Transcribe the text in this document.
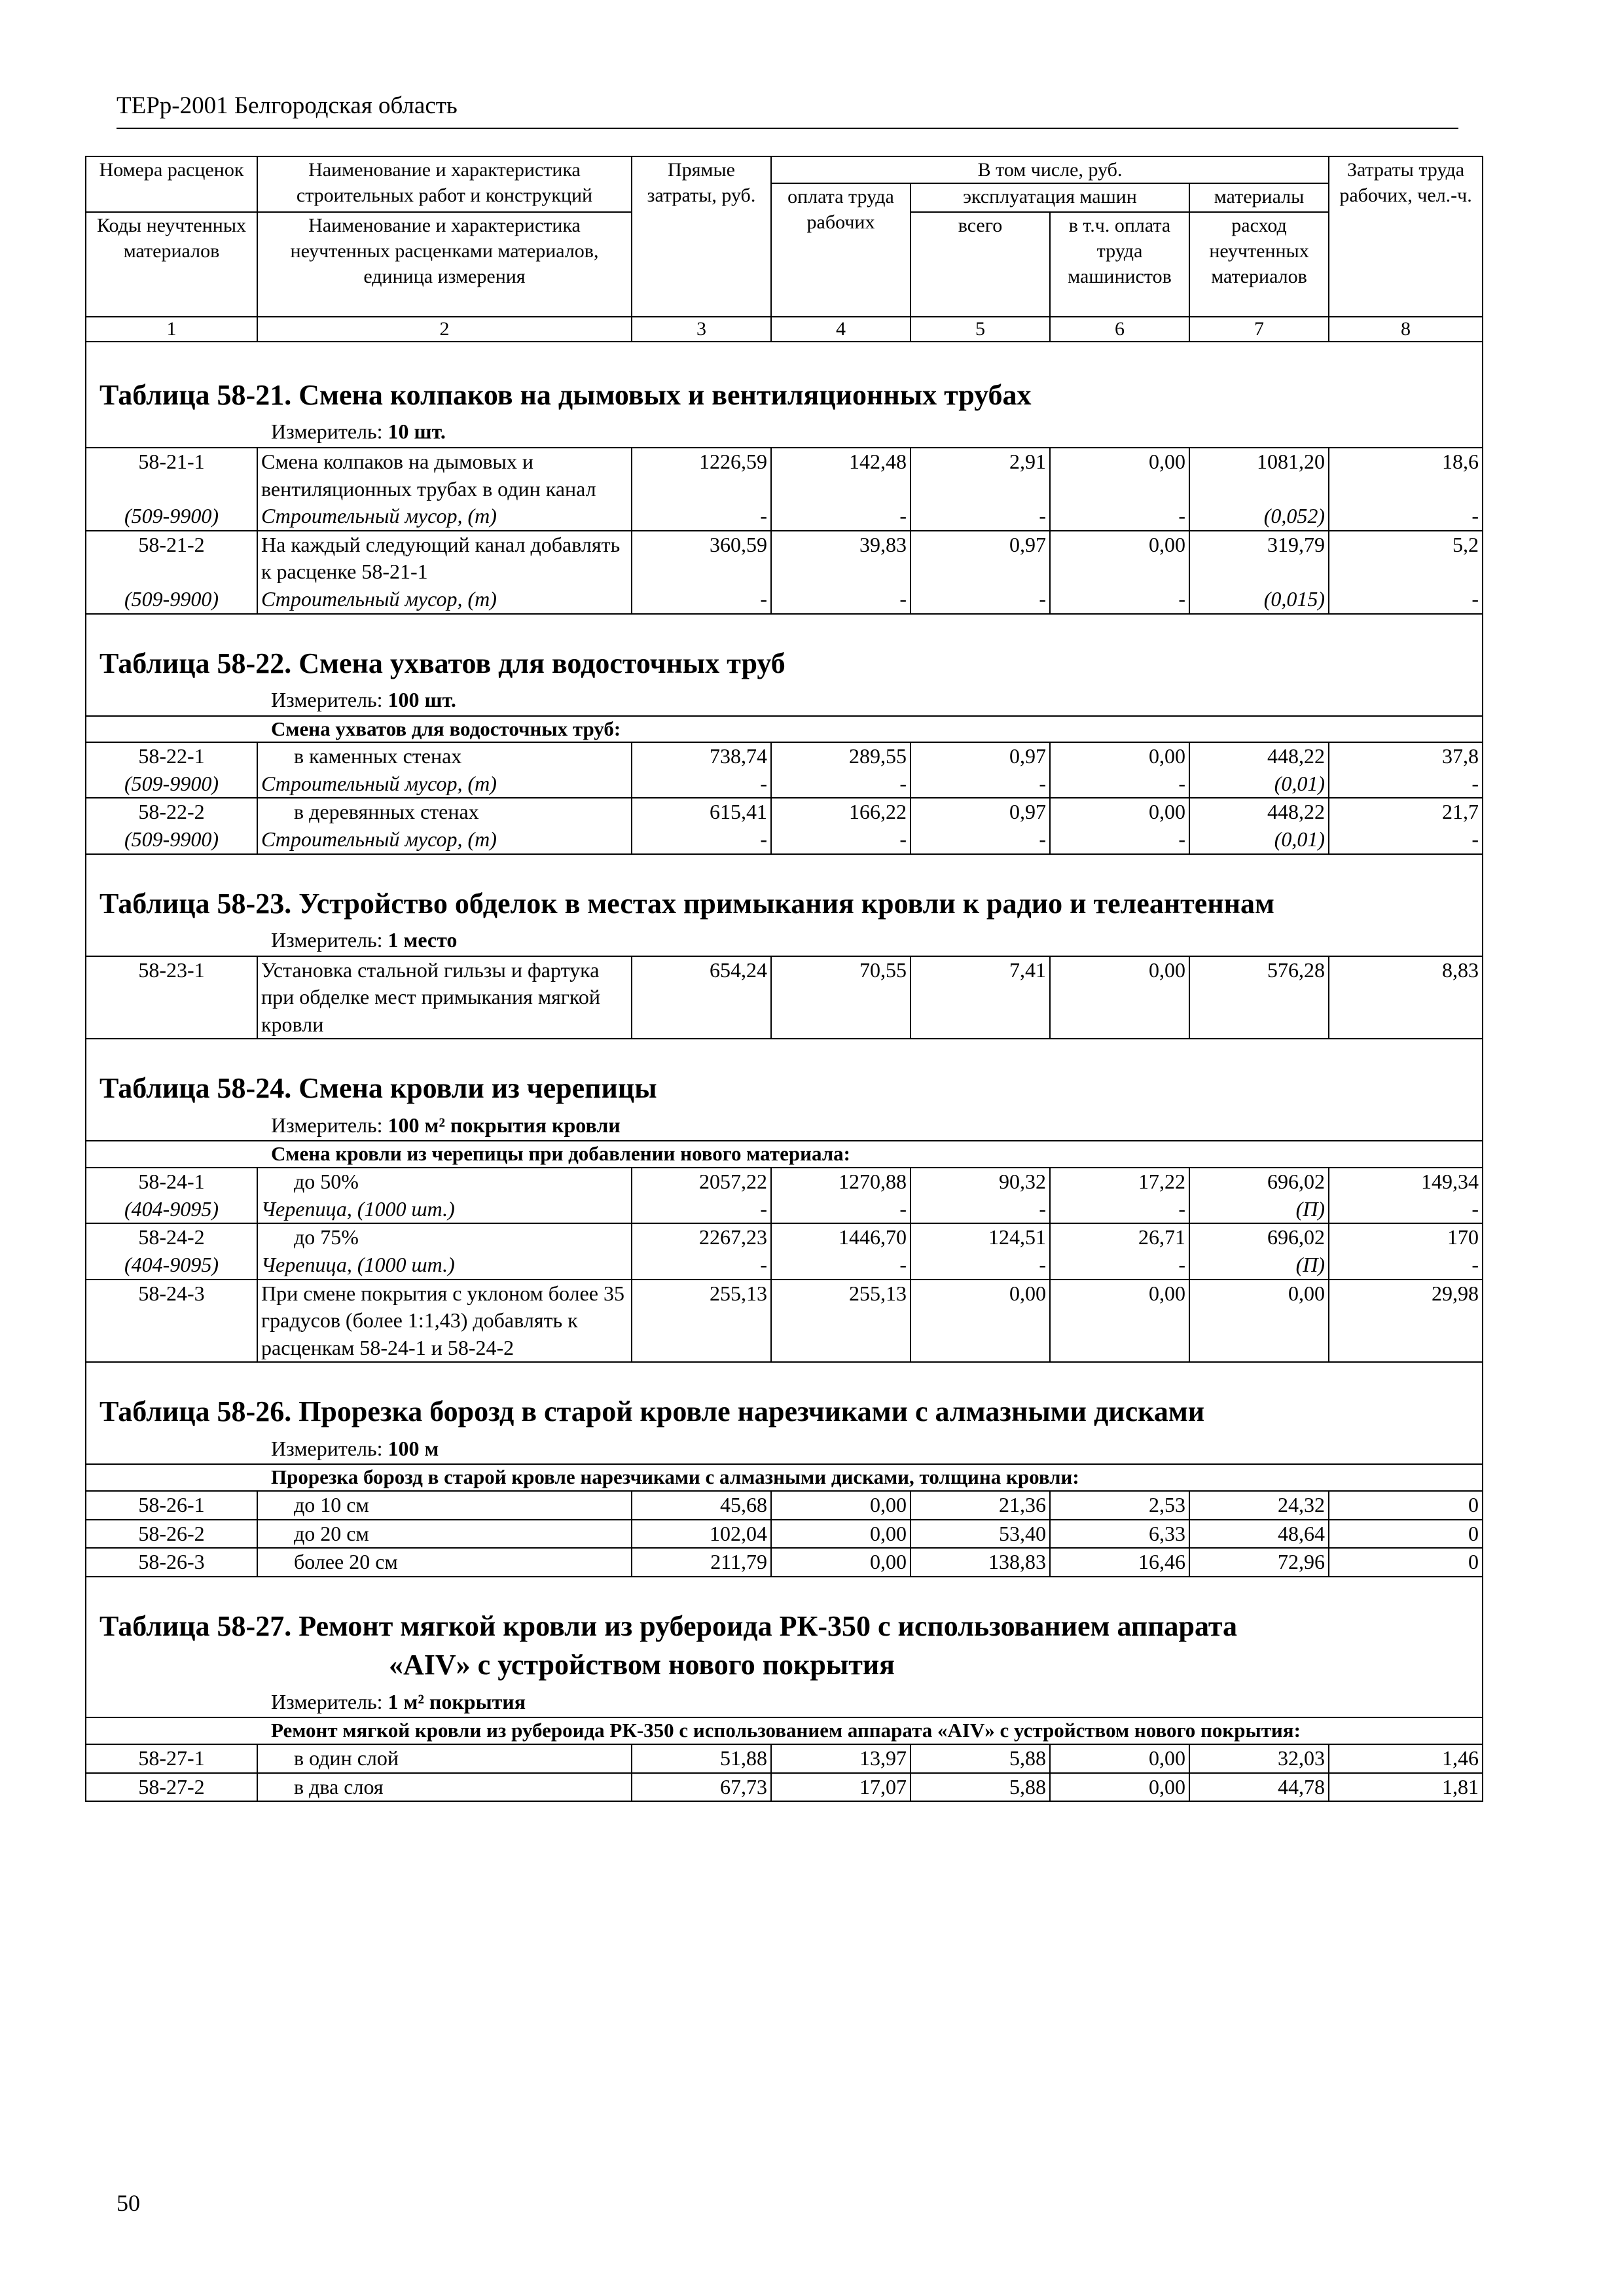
ТЕРр-2001 Белгородская область
Номера расценок	Наименование и характеристика строительных работ и конструкций	Прямые затраты, руб.	В том числе, руб.				Затраты труда рабочих, чел.-ч.
			оплата труда рабочих	эксплуатация машин		материалы	
Коды неучтенных материалов	Наименование и характеристика неучтенных расценками материалов, единица измерения			всего	в т.ч. оплата труда машинистов	расход неучтенных материалов	

1	2	3	4	5	6	7	8

Таблица 58-21. Смена колпаков на дымовых и вентиляционных трубах							
Измеритель: 10 шт.							
58-21-1	Смена колпаков на дымовых и вентиляционных трубах в один канал	1226,59	142,48	2,91	0,00	1081,20	18,6
(509-9900)	Строительный мусор, (т)	-	-	-	-	(0,052)	-
58-21-2	На каждый следующий канал добавлять к расценке 58-21-1	360,59	39,83	0,97	0,00	319,79	5,2
(509-9900)	Строительный мусор, (т)	-	-	-	-	(0,015)	-

Таблица 58-22. Смена ухватов для водосточных труб							
Измеритель: 100 шт.							
Смена ухватов для водосточных труб:							
58-22-1	в каменных стенах	738,74	289,55	0,97	0,00	448,22	37,8
(509-9900)	Строительный мусор, (т)	-	-	-	-	(0,01)	-
58-22-2	в деревянных стенах	615,41	166,22	0,97	0,00	448,22	21,7
(509-9900)	Строительный мусор, (т)	-	-	-	-	(0,01)	-

Таблица 58-23. Устройство обделок в местах примыкания кровли к радио и телеантеннам							
Измеритель: 1 место							
58-23-1	Установка стальной гильзы и фартука при обделке мест примыкания мягкой кровли	654,24	70,55	7,41	0,00	576,28	8,83

Таблица 58-24. Смена кровли из черепицы							
Измеритель: 100 м² покрытия кровли							
Смена кровли из черепицы при добавлении нового материала:							
58-24-1	до 50%	2057,22	1270,88	90,32	17,22	696,02	149,34
(404-9095)	Черепица, (1000 шт.)	-	-	-	-	(П)	-
58-24-2	до 75%	2267,23	1446,70	124,51	26,71	696,02	170
(404-9095)	Черепица, (1000 шт.)	-	-	-	-	(П)	-
58-24-3	При смене покрытия с уклоном более 35 градусов (более 1:1,43) добавлять к расценкам 58-24-1 и 58-24-2	255,13	255,13	0,00	0,00	0,00	29,98

Таблица 58-26. Прорезка борозд в старой кровле нарезчиками с алмазными дисками							
Измеритель: 100 м							
Прорезка борозд в старой кровле нарезчиками с алмазными дисками, толщина кровли:							
58-26-1	до 10 см	45,68	0,00	21,36	2,53	24,32	0
58-26-2	до 20 см	102,04	0,00	53,40	6,33	48,64	0
58-26-3	более 20 см	211,79	0,00	138,83	16,46	72,96	0

Таблица 58-27. Ремонт мягкой кровли из рубероида РК-350 с использованием аппарата
«AIV» с устройством нового покрытия							

Измеритель: 1 м² покрытия							
Ремонт мягкой кровли из рубероида РК-350 с использованием аппарата «AIV» с устройством нового покрытия:							
58-27-1	в один слой	51,88	13,97	5,88	0,00	32,03	1,46
58-27-2	в два слоя	67,73	17,07	5,88	0,00	44,78	1,81
50
